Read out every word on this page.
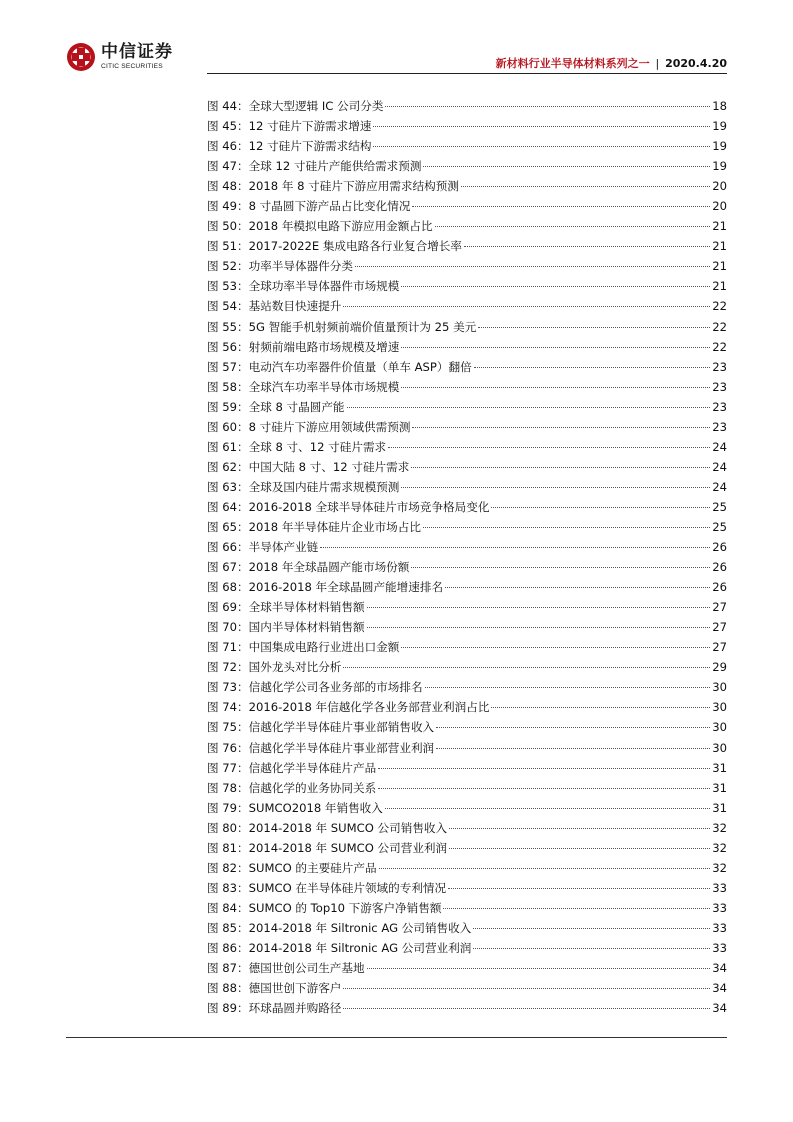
中信证券
CITIC SECURITIES	新材料行业半导体材料系列之一 | 2020.4.20
图 44：全球大型逻辑 IC 公司分类	18
图 45：12 寸硅片下游需求增速	19
图 46：12 寸硅片下游需求结构	19
图 47：全球 12 寸硅片产能供给需求预测	19
图 48：2018 年 8 寸硅片下游应用需求结构预测	20
图 49：8 寸晶圆下游产品占比变化情况	20
图 50：2018 年模拟电路下游应用金额占比	21
图 51：2017-2022E 集成电路各行业复合增长率	21
图 52：功率半导体器件分类	21
图 53：全球功率半导体器件市场规模	21
图 54：基站数目快速提升	22
图 55：5G 智能手机射频前端价值量预计为 25 美元	22
图 56：射频前端电路市场规模及增速	22
图 57：电动汽车功率器件价值量（单车 ASP）翻倍	23
图 58：全球汽车功率半导体市场规模	23
图 59：全球 8 寸晶圆产能	23
图 60：8 寸硅片下游应用领域供需预测	23
图 61：全球 8 寸、12 寸硅片需求	24
图 62：中国大陆 8 寸、12 寸硅片需求	24
图 63：全球及国内硅片需求规模预测	24
图 64：2016-2018 全球半导体硅片市场竞争格局变化	25
图 65：2018 年半导体硅片企业市场占比	25
图 66：半导体产业链	26
图 67：2018 年全球晶圆产能市场份额	26
图 68：2016-2018 年全球晶圆产能增速排名	26
图 69：全球半导体材料销售额	27
图 70：国内半导体材料销售额	27
图 71：中国集成电路行业进出口金额	27
图 72：国外龙头对比分析	29
图 73：信越化学公司各业务部的市场排名	30
图 74：2016-2018 年信越化学各业务部营业利润占比	30
图 75：信越化学半导体硅片事业部销售收入	30
图 76：信越化学半导体硅片事业部营业利润	30
图 77：信越化学半导体硅片产品	31
图 78：信越化学的业务协同关系	31
图 79：SUMCO2018 年销售收入	31
图 80：2014-2018 年 SUMCO 公司销售收入	32
图 81：2014-2018 年 SUMCO 公司营业利润	32
图 82：SUMCO 的主要硅片产品	32
图 83：SUMCO 在半导体硅片领域的专利情况	33
图 84：SUMCO 的 Top10 下游客户净销售额	33
图 85：2014-2018 年 Siltronic AG 公司销售收入	33
图 86：2014-2018 年 Siltronic AG 公司营业利润	33
图 87：德国世创公司生产基地	34
图 88：德国世创下游客户	34
图 89：环球晶圆并购路径	34
